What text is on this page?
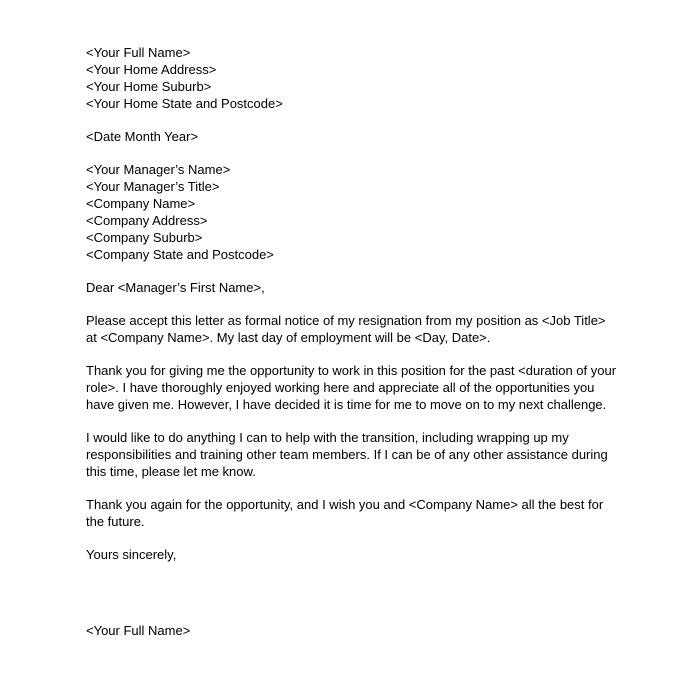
<Your Full Name>
<Your Home Address>
<Your Home Suburb>
<Your Home State and Postcode>
<Date Month Year>
<Your Manager’s Name>
<Your Manager’s Title>
<Company Name>
<Company Address>
<Company Suburb>
<Company State and Postcode>
Dear <Manager’s First Name>,
Please accept this letter as formal notice of my resignation from my position as <Job Title>
at <Company Name>. My last day of employment will be <Day, Date>.
Thank you for giving me the opportunity to work in this position for the past <duration of your
role>. I have thoroughly enjoyed working here and appreciate all of the opportunities you
have given me. However, I have decided it is time for me to move on to my next challenge.
I would like to do anything I can to help with the transition, including wrapping up my
responsibilities and training other team members. If I can be of any other assistance during
this time, please let me know.
Thank you again for the opportunity, and I wish you and <Company Name> all the best for
the future.
Yours sincerely,
<Your Full Name>
